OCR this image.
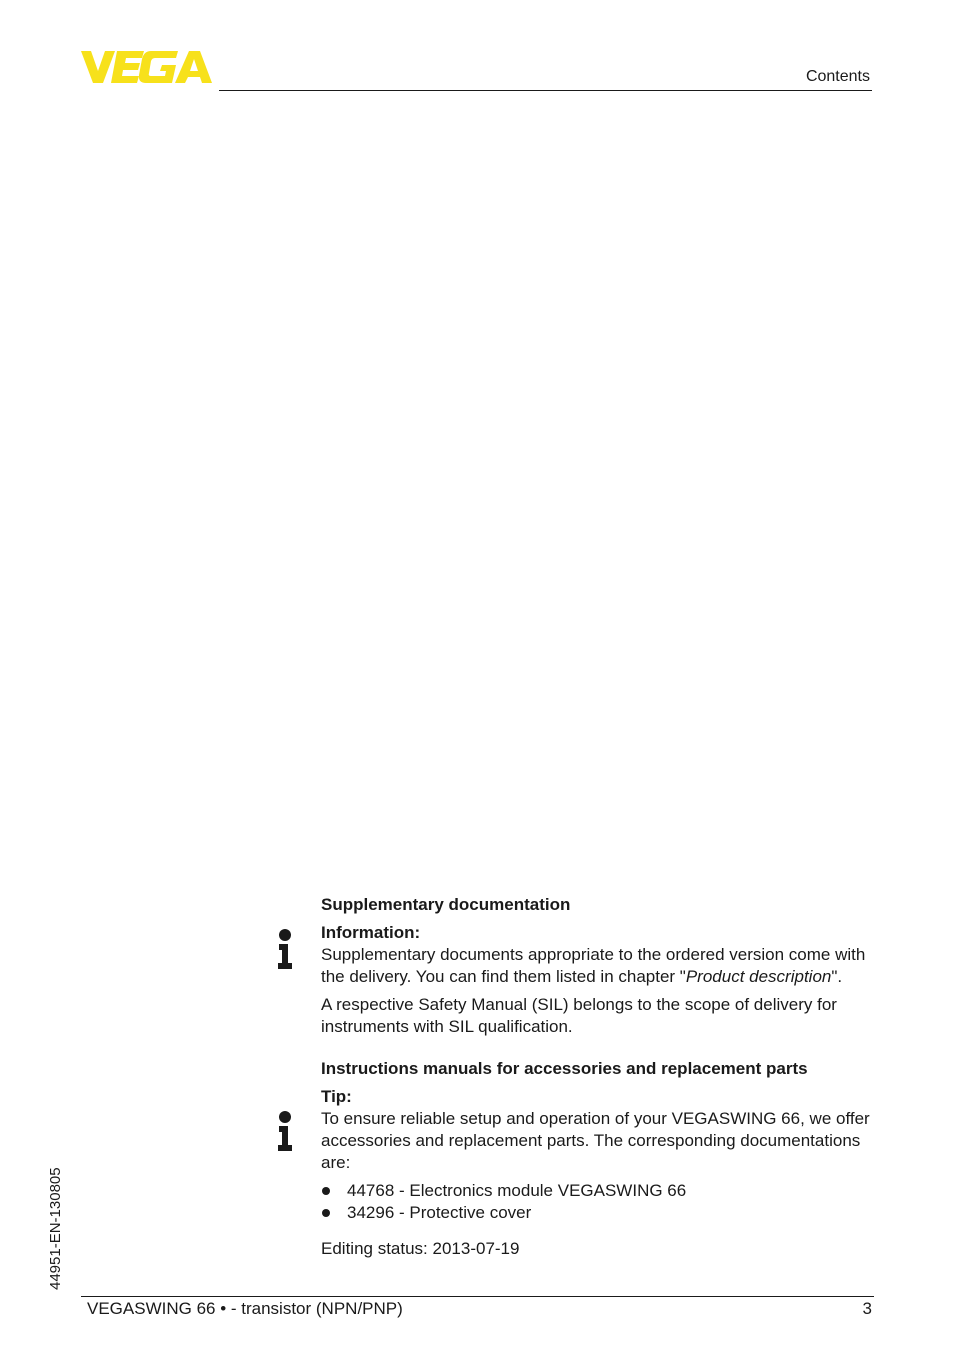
Contents

Supplementary documentation

Information:

Supplementary documents appropriate to the ordered version come with the delivery. You can find them listed in chapter "Product description".

A respective Safety Manual (SIL) belongs to the scope of delivery for instruments with SIL qualification.

Instructions manuals for accessories and replacement parts

Tip:

To ensure reliable setup and operation of your VEGASWING 66, we offer accessories and replacement parts. The corresponding documentations are:

44768 - Electronics module VEGASWING 66
34296 - Protective cover

Editing status: 2013-07-19

44951-EN-130805
VEGASWING 66 • - transistor (NPN/PNP)	3
